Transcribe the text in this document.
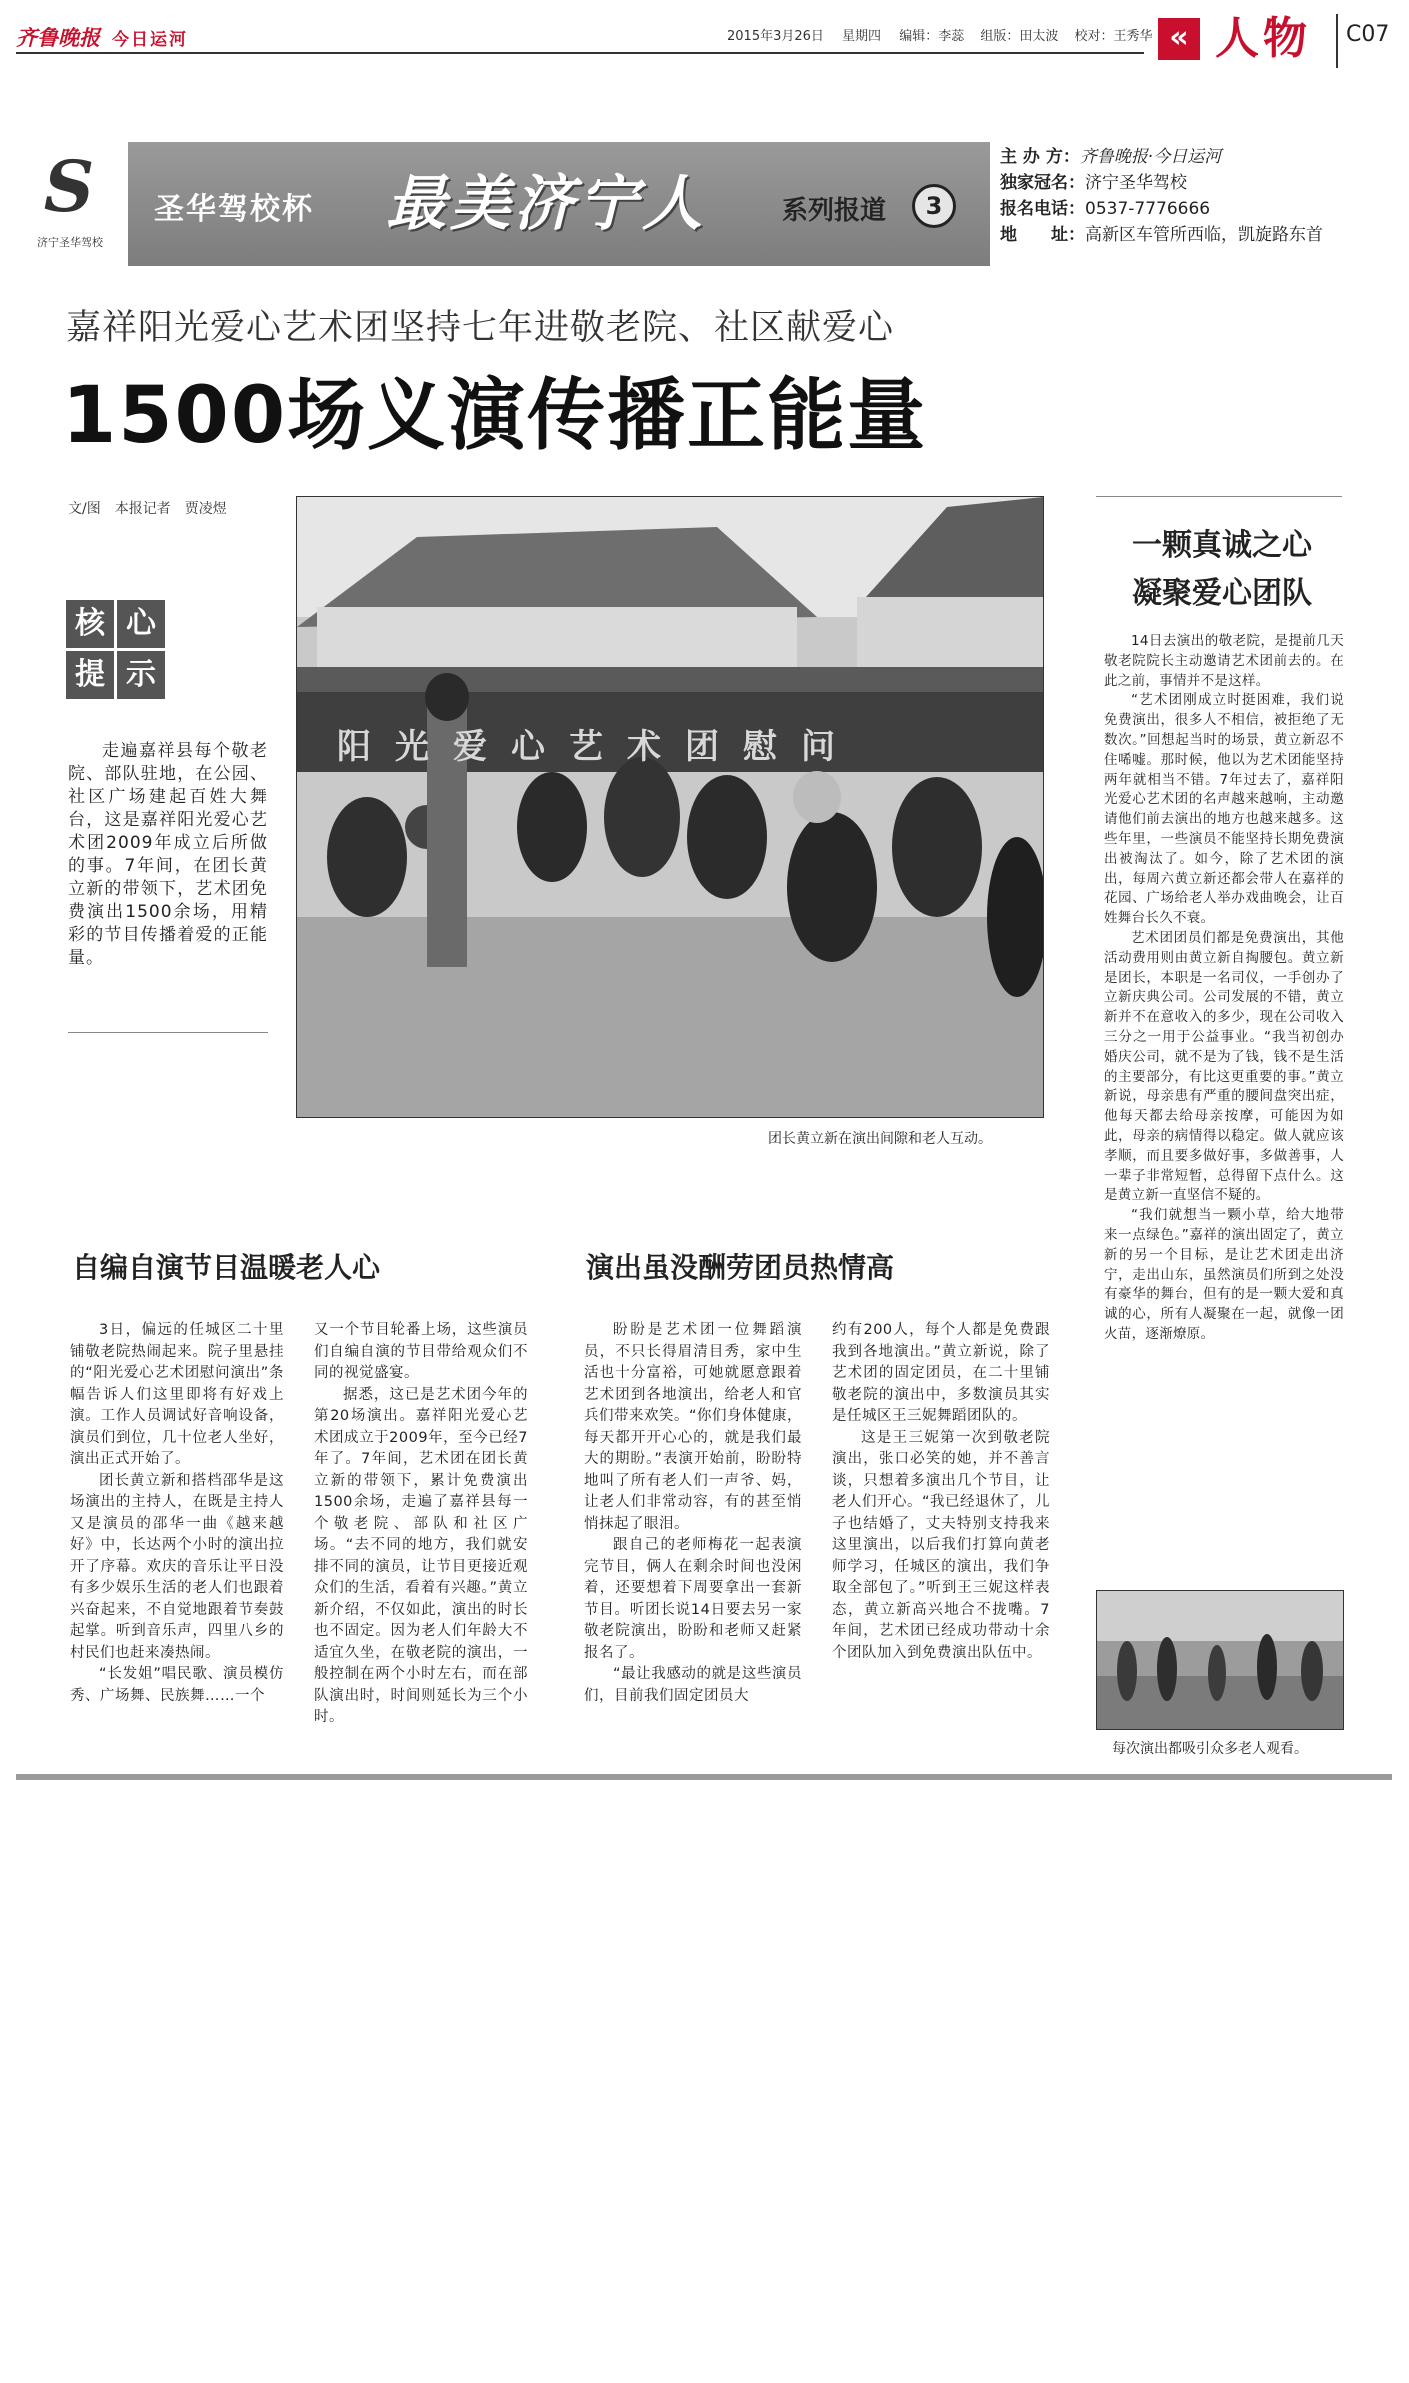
齐鲁晚报 今日运河	2015年3月26日 星期四 编辑：李蕊 组版：田太波 校对：王秀华 « 人物 C07
S
济宁圣华驾校
圣华驾校杯 最美济宁人	系列报道	3
主 办 方：齐鲁晚报·今日运河
独家冠名：济宁圣华驾校
报名电话：0537-7776666
地　　址：高新区车管所西临，凯旋路东首
嘉祥阳光爱心艺术团坚持七年进敬老院、社区献爱心
1500场义演传播正能量
文/图　本报记者　贾凌煜
核 心提 示

走遍嘉祥县每个敬老院、部队驻地，在公园、社区广场建起百姓大舞台，这是嘉祥阳光爱心艺术团2009年成立后所做的事。7年间，在团长黄立新的带领下，艺术团免费演出1500余场，用精彩的节目传播着爱的正能量。

阳光爱心艺术团慰问
团长黄立新在演出间隙和老人互动。
一颗真诚之心
凝聚爱心团队

14日去演出的敬老院，是提前几天敬老院院长主动邀请艺术团前去的。在此之前，事情并不是这样。

“艺术团刚成立时挺困难，我们说免费演出，很多人不相信，被拒绝了无数次。”回想起当时的场景，黄立新忍不住唏嘘。那时候，他以为艺术团能坚持两年就相当不错。7年过去了，嘉祥阳光爱心艺术团的名声越来越响，主动邀请他们前去演出的地方也越来越多。这些年里，一些演员不能坚持长期免费演出被淘汰了。如今，除了艺术团的演出，每周六黄立新还都会带人在嘉祥的花园、广场给老人举办戏曲晚会，让百姓舞台长久不衰。

艺术团团员们都是免费演出，其他活动费用则由黄立新自掏腰包。黄立新是团长，本职是一名司仪，一手创办了立新庆典公司。公司发展的不错，黄立新并不在意收入的多少，现在公司收入三分之一用于公益事业。“我当初创办婚庆公司，就不是为了钱，钱不是生活的主要部分，有比这更重要的事。”黄立新说，母亲患有严重的腰间盘突出症，他每天都去给母亲按摩，可能因为如此，母亲的病情得以稳定。做人就应该孝顺，而且要多做好事，多做善事，人一辈子非常短暂，总得留下点什么。这是黄立新一直坚信不疑的。

“我们就想当一颗小草，给大地带来一点绿色。”嘉祥的演出固定了，黄立新的另一个目标，是让艺术团走出济宁，走出山东，虽然演员们所到之处没有豪华的舞台，但有的是一颗大爱和真诚的心，所有人凝聚在一起，就像一团火苗，逐渐燎原。

每次演出都吸引众多老人观看。
自编自演节目温暖老人心	演出虽没酬劳团员热情高

3日，偏远的任城区二十里铺敬老院热闹起来。院子里悬挂的“阳光爱心艺术团慰问演出”条幅告诉人们这里即将有好戏上演。工作人员调试好音响设备，演员们到位，几十位老人坐好，演出正式开始了。

团长黄立新和搭档邵华是这场演出的主持人，在既是主持人又是演员的邵华一曲《越来越好》中，长达两个小时的演出拉开了序幕。欢庆的音乐让平日没有多少娱乐生活的老人们也跟着兴奋起来，不自觉地跟着节奏鼓起掌。听到音乐声，四里八乡的村民们也赶来凑热闹。

“长发姐”唱民歌、演员模仿秀、广场舞、民族舞……一个

又一个节目轮番上场，这些演员们自编自演的节目带给观众们不同的视觉盛宴。

据悉，这已是艺术团今年的第20场演出。嘉祥阳光爱心艺术团成立于2009年，至今已经7年了。7年间，艺术团在团长黄立新的带领下，累计免费演出1500余场，走遍了嘉祥县每一个敬老院、部队和社区广场。“去不同的地方，我们就安排不同的演员，让节目更接近观众们的生活，看着有兴趣。”黄立新介绍，不仅如此，演出的时长也不固定。因为老人们年龄大不适宜久坐，在敬老院的演出，一般控制在两个小时左右，而在部队演出时，时间则延长为三个小时。

盼盼是艺术团一位舞蹈演员，不只长得眉清目秀，家中生活也十分富裕，可她就愿意跟着艺术团到各地演出，给老人和官兵们带来欢笑。“你们身体健康，每天都开开心心的，就是我们最大的期盼。”表演开始前，盼盼特地叫了所有老人们一声爷、妈，让老人们非常动容，有的甚至悄悄抹起了眼泪。

跟自己的老师梅花一起表演完节目，俩人在剩余时间也没闲着，还要想着下周要拿出一套新节目。听团长说14日要去另一家敬老院演出，盼盼和老师又赶紧报名了。

“最让我感动的就是这些演员们，目前我们固定团员大

约有200人，每个人都是免费跟我到各地演出。”黄立新说，除了艺术团的固定团员，在二十里铺敬老院的演出中，多数演员其实是任城区王三妮舞蹈团队的。

这是王三妮第一次到敬老院演出，张口必笑的她，并不善言谈，只想着多演出几个节目，让老人们开心。“我已经退休了，儿子也结婚了，丈夫特别支持我来这里演出，以后我们打算向黄老师学习，任城区的演出，我们争取全部包了。”听到王三妮这样表态，黄立新高兴地合不拢嘴。7年间，艺术团已经成功带动十余个团队加入到免费演出队伍中。
